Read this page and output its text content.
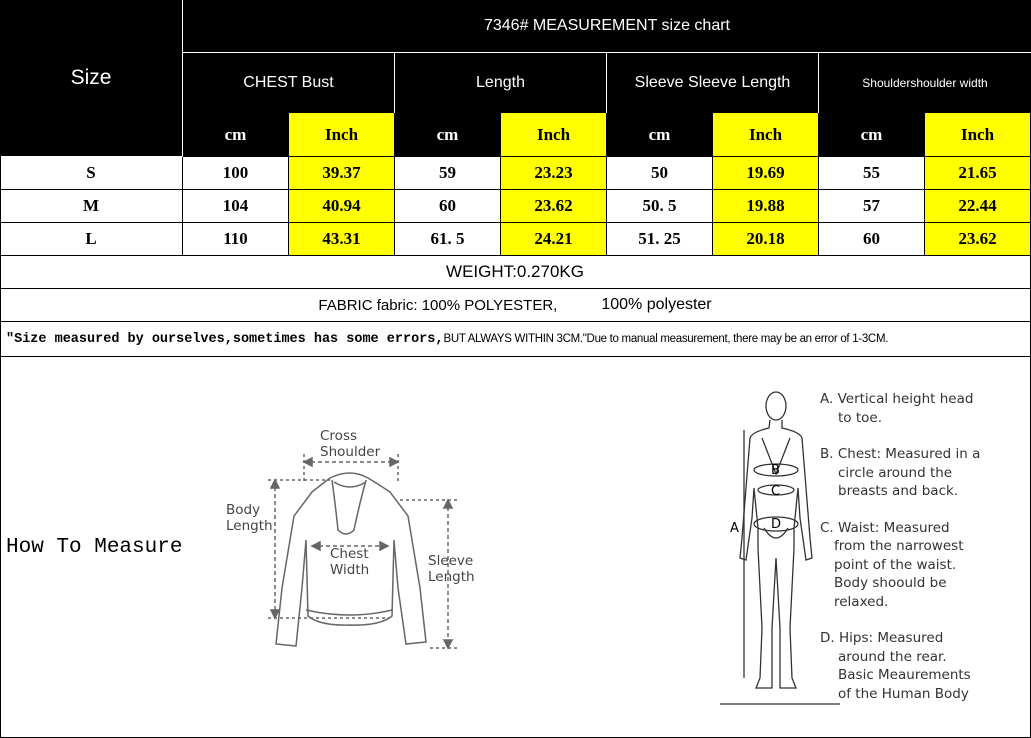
Size
7346# MEASUREMENT size chart
CHEST Bust	Length	Sleeve Sleeve Length	Shouldershoulder width
cm	Inch	cm	Inch	cm	Inch	cm	Inch
S	100	39.37	59	23.23	50	19.69	55	21.65
M	104	40.94	60	23.62	50. 5	19.88	57	22.44
L	110	43.31	61. 5	24.21	51. 25	20.18	60	23.62
WEIGHT:0.270KG
FABRIC fabric: 100% POLYESTER,	100% polyester
"Size measured by ourselves,sometimes has some errors, BUT ALWAYS WITHIN 3CM."Due to manual measurement, there may be an error of 1-3CM.
How To Measure
Cross
Shoulder
Body
Length
Chest
Width
Sleeve
Length
B
C
D
A
A. Vertical height head
to toe.
B. Chest: Measured in a
circle around the
breasts and back.
C. Waist: Measured
from the narrowest
point of the waist.
Body shoould be
relaxed.
D. Hips: Measured
around the rear.
Basic Meaurements
of the Human Body
